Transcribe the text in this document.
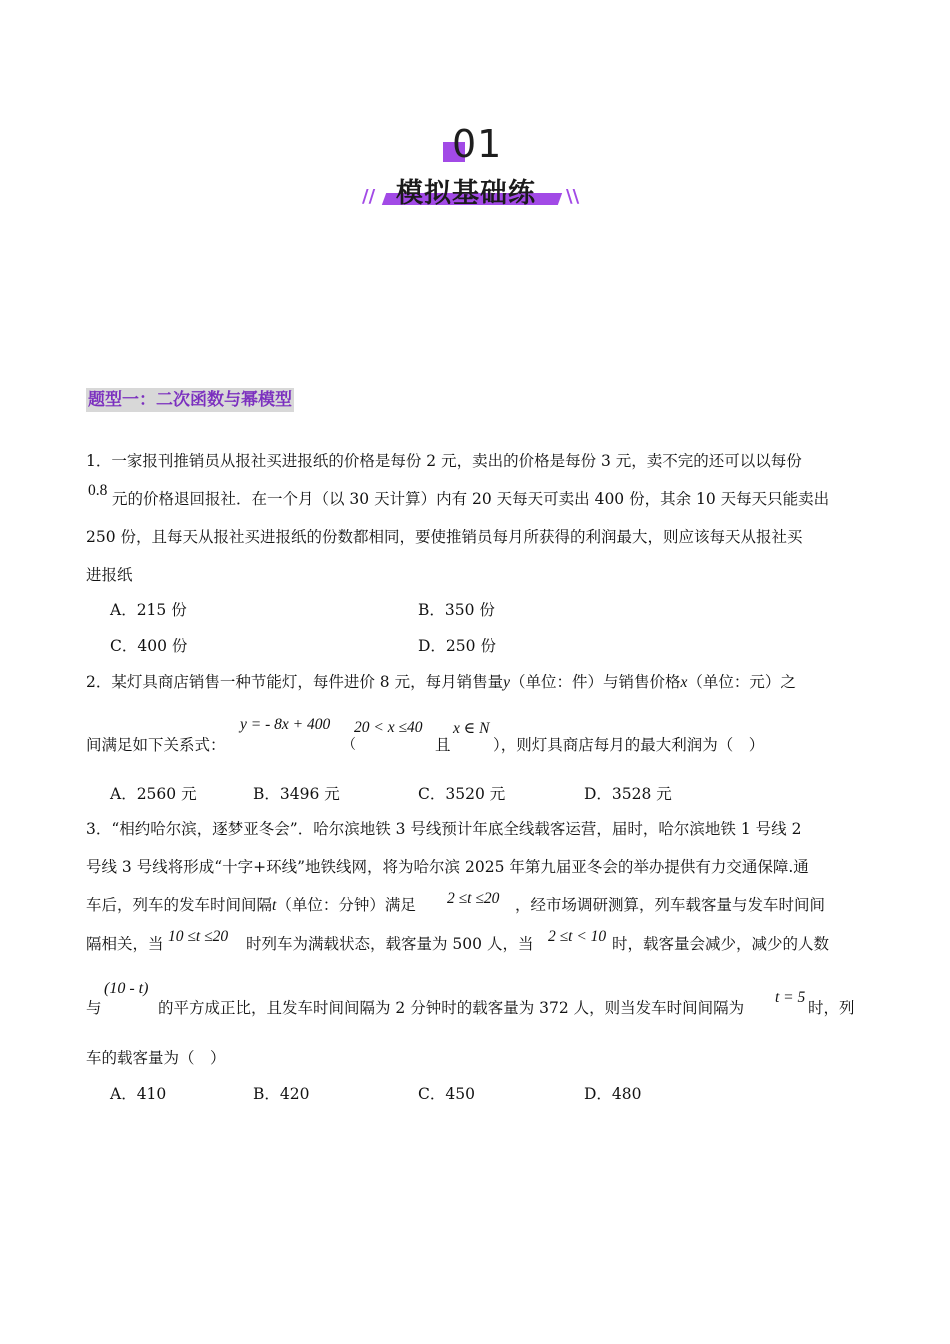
01
// 模拟基础练 \\
题型一：二次函数与幂模型
1．一家报刊推销员从报社买进报纸的价格是每份 2 元，卖出的价格是每份 3 元，卖不完的还可以以每份
0.8 元的价格退回报社．在一个月（以 30 天计算）内有 20 天每天可卖出 400 份，其余 10 天每天只能卖出
250 份，且每天从报社买进报纸的份数都相同，要使推销员每月所获得的利润最大，则应该每天从报社买
进报纸
A．215 份	B．350 份
C．400 份	D．250 份
2．某灯具商店销售一种节能灯，每件进价 8 元，每月销售量y（单位：件）与销售价格x（单位：元）之
间满足如下关系式：
y = - 8x + 400
（
20 < x ≤40
且
x ∈ N
），则灯具商店每月的最大利润为（　）
A．2560 元	B．3496 元	C．3520 元	D．3528 元
3．“相约哈尔滨，逐梦亚冬会”．哈尔滨地铁 3 号线预计年底全线载客运营，届时，哈尔滨地铁 1 号线 2
号线 3 号线将形成“十字+环线”地铁线网，将为哈尔滨 2025 年第九届亚冬会的举办提供有力交通保障.通
车后，列车的发车时间间隔t（单位：分钟）满足 2 ≤t ≤20 ，经市场调研测算，列车载客量与发车时间间
隔相关，当 10 ≤t ≤20 时列车为满载状态，载客量为 500 人，当 2 ≤t < 10 时，载客量会减少，减少的人数
与
(10 - t)
的平方成正比，且发车时间间隔为 2 分钟时的载客量为 372 人，则当发车时间间隔为
t = 5
时，列
车的载客量为（　）
A．410	B．420	C．450	D．480
